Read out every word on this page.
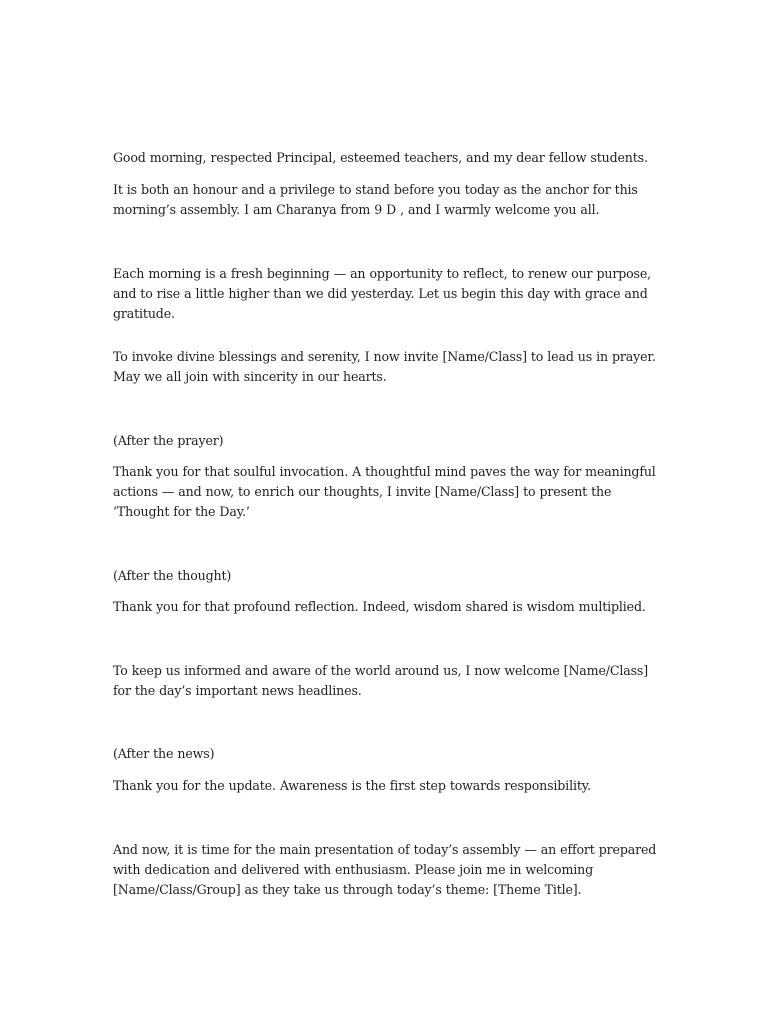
Good morning, respected Principal, esteemed teachers, and my dear fellow students.

It is both an honour and a privilege to stand before you today as the anchor for this morning’s assembly. I am Charanya from 9 D , and I warmly welcome you all.

Each morning is a fresh beginning — an opportunity to reflect, to renew our purpose, and to rise a little higher than we did yesterday. Let us begin this day with grace and gratitude.

To invoke divine blessings and serenity, I now invite [Name/Class] to lead us in prayer. May we all join with sincerity in our hearts.

(After the prayer)

Thank you for that soulful invocation. A thoughtful mind paves the way for meaningful actions — and now, to enrich our thoughts, I invite [Name/Class] to present the ‘Thought for the Day.’

(After the thought)

Thank you for that profound reflection. Indeed, wisdom shared is wisdom multiplied.

To keep us informed and aware of the world around us, I now welcome [Name/Class] for the day’s important news headlines.

(After the news)

Thank you for the update. Awareness is the first step towards responsibility.

And now, it is time for the main presentation of today’s assembly — an effort prepared with dedication and delivered with enthusiasm. Please join me in welcoming [Name/Class/Group] as they take us through today’s theme: [Theme Title].
